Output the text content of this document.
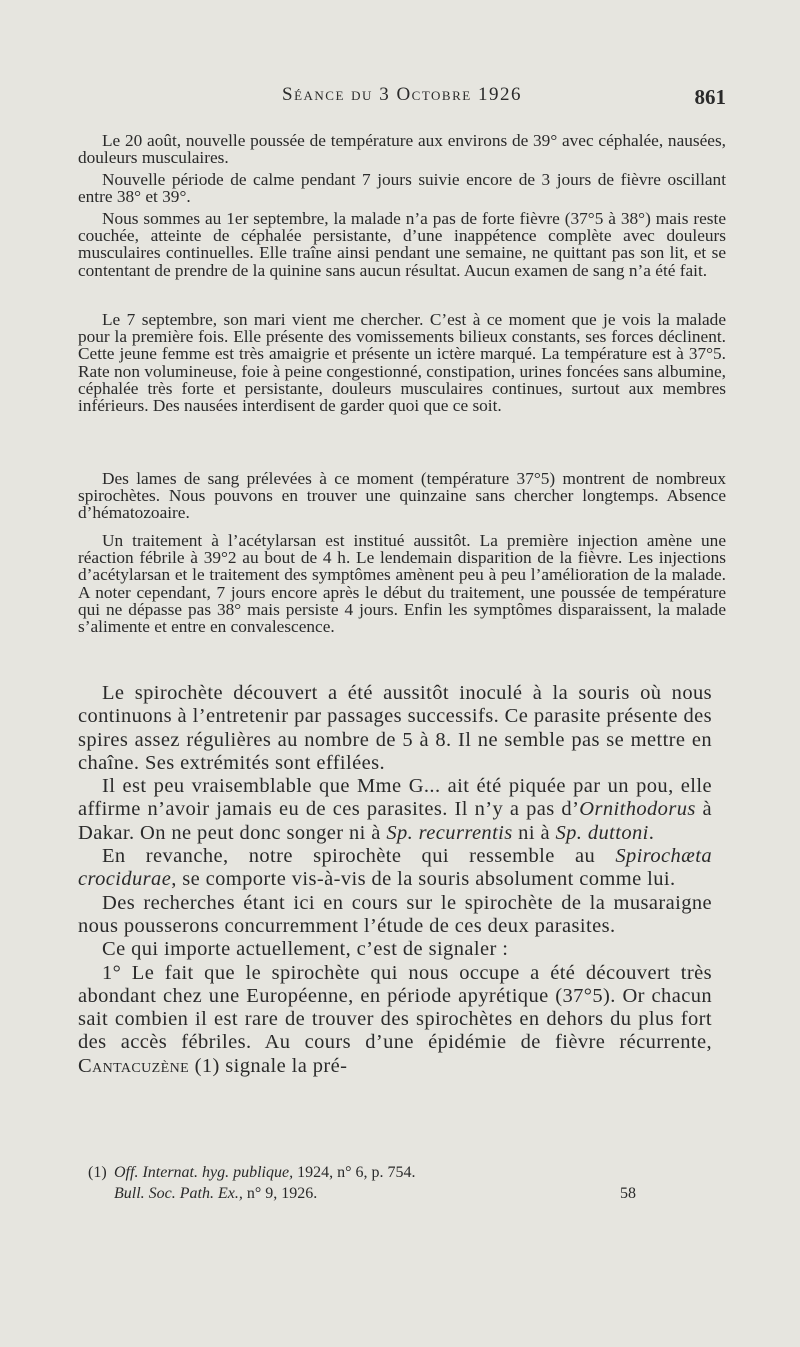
Séance du 3 Octobre 1926	861

Le 20 août, nouvelle poussée de température aux environs de 39° avec céphalée, nausées, douleurs musculaires.

Nouvelle période de calme pendant 7 jours suivie encore de 3 jours de fièvre oscillant entre 38° et 39°.

Nous sommes au 1er septembre, la malade n’a pas de forte fièvre (37°5 à 38°) mais reste couchée, atteinte de céphalée persistante, d’une inappétence complète avec douleurs musculaires continuelles. Elle traîne ainsi pendant une semaine, ne quittant pas son lit, et se contentant de prendre de la quinine sans aucun résultat. Aucun examen de sang n’a été fait.

Le 7 septembre, son mari vient me chercher. C’est à ce moment que je vois la malade pour la première fois. Elle présente des vomissements bilieux constants, ses forces déclinent. Cette jeune femme est très amaigrie et présente un ictère marqué. La température est à 37°5. Rate non volumineuse, foie à peine congestionné, constipation, urines foncées sans albumine, céphalée très forte et persistante, douleurs musculaires continues, surtout aux membres inférieurs. Des nausées interdisent de garder quoi que ce soit.

Des lames de sang prélevées à ce moment (température 37°5) montrent de nombreux spirochètes. Nous pouvons en trouver une quinzaine sans chercher longtemps. Absence d’hématozoaire.

Un traitement à l’acétylarsan est institué aussitôt. La première injection amène une réaction fébrile à 39°2 au bout de 4 h. Le lendemain disparition de la fièvre. Les injections d’acétylarsan et le traitement des symptômes amènent peu à peu l’amélioration de la malade. A noter cependant, 7 jours encore après le début du traitement, une poussée de température qui ne dépasse pas 38° mais persiste 4 jours. Enfin les symptômes disparaissent, la malade s’alimente et entre en convalescence.

Le spirochète découvert a été aussitôt inoculé à la souris où nous continuons à l’entretenir par passages successifs. Ce parasite présente des spires assez régulières au nombre de 5 à 8. Il ne semble pas se mettre en chaîne. Ses extrémités sont effilées.

Il est peu vraisemblable que Mme G... ait été piquée par un pou, elle affirme n’avoir jamais eu de ces parasites. Il n’y a pas d’Ornithodorus à Dakar. On ne peut donc songer ni à Sp. recurrentis ni à Sp. duttoni.

En revanche, notre spirochète qui ressemble au Spirochæta crocidurae, se comporte vis-à-vis de la souris absolument comme lui.

Des recherches étant ici en cours sur le spirochète de la musaraigne nous pousserons concurremment l’étude de ces deux parasites.

Ce qui importe actuellement, c’est de signaler :

1° Le fait que le spirochète qui nous occupe a été découvert très abondant chez une Européenne, en période apyrétique (37°5). Or chacun sait combien il est rare de trouver des spirochètes en dehors du plus fort des accès fébriles. Au cours d’une épidémie de fièvre récurrente, Cantacuzène (1) signale la pré-

(1) Off. Internat. hyg. publique, 1924, n° 6, p. 754.
Bull. Soc. Path. Ex., n° 9, 1926.	58
